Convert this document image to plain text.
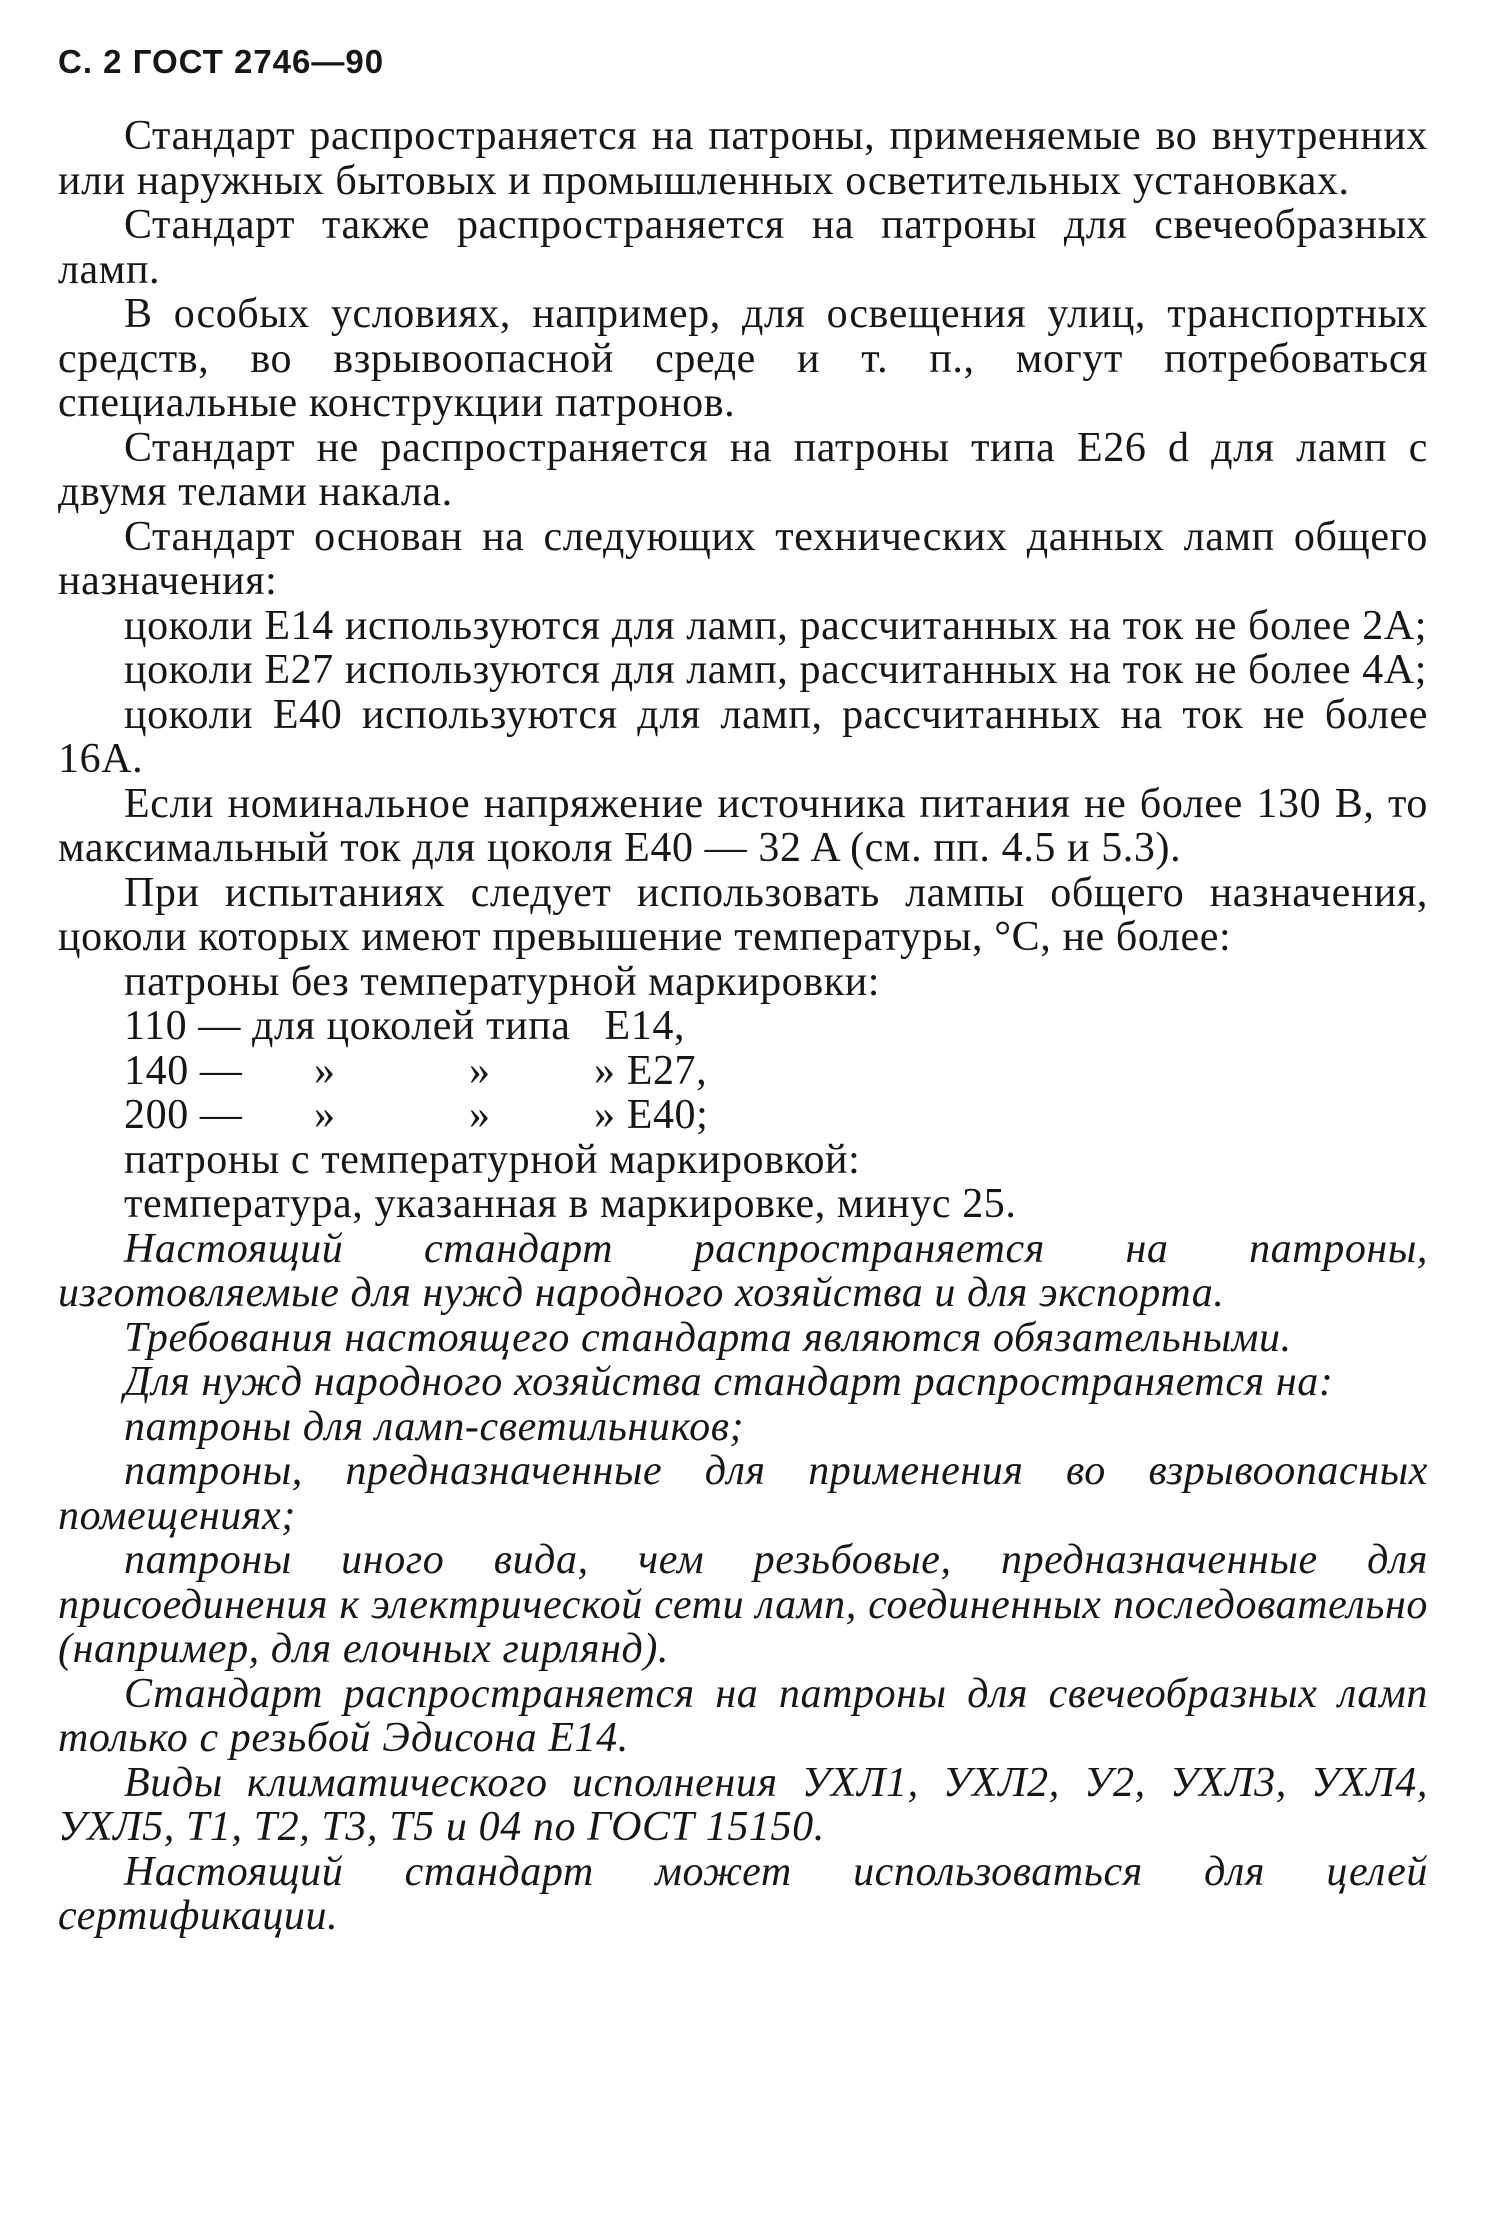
С. 2 ГОСТ 2746—90

Стандарт распространяется на патроны, применяемые во внутренних или наружных бытовых и промышленных осветительных установках.

Стандарт также распространяется на патроны для свечеобразных ламп.

В особых условиях, например, для освещения улиц, транспортных средств, во взрывоопасной среде и т. п., могут потребоваться специальные конструкции патронов.

Стандарт не распространяется на патроны типа E26 d для ламп с двумя телами накала.

Стандарт основан на следующих технических данных ламп общего назначения:

цоколи E14 используются для ламп, рассчитанных на ток не более 2A;

цоколи E27 используются для ламп, рассчитанных на ток не более 4A;

цоколи E40 используются для ламп, рассчитанных на ток не более 16A.

Если номинальное напряжение источника питания не более 130 В, то максимальный ток для цоколя E40 — 32 A (см. пп. 4.5 и 5.3).

При испытаниях следует использовать лампы общего назначения, цоколи которых имеют превышение температуры, °С, не более:

патроны без температурной маркировки:
110 — для цоколей типа E14,
140 —	»	»	» E27,
200 —	»	»	» E40;
патроны с температурной маркировкой:
температура, указанная в маркировке, минус 25.

Настоящий стандарт распространяется на патроны, изготовляемые для нужд народного хозяйства и для экспорта.

Требования настоящего стандарта являются обязательными.

Для нужд народного хозяйства стандарт распространяется на:

патроны для ламп-светильников;

патроны, предназначенные для применения во взрывоопасных помещениях;

патроны иного вида, чем резьбовые, предназначенные для присоединения к электрической сети ламп, соединенных последовательно (например, для елочных гирлянд).

Стандарт распространяется на патроны для свечеобразных ламп только с резьбой Эдисона E14.

Виды климатического исполнения УХЛ1, УХЛ2, У2, УХЛ3, УХЛ4, УХЛ5, Т1, Т2, Т3, Т5 и 04 по ГОСТ 15150.

Настоящий стандарт может использоваться для целей сертификации.
